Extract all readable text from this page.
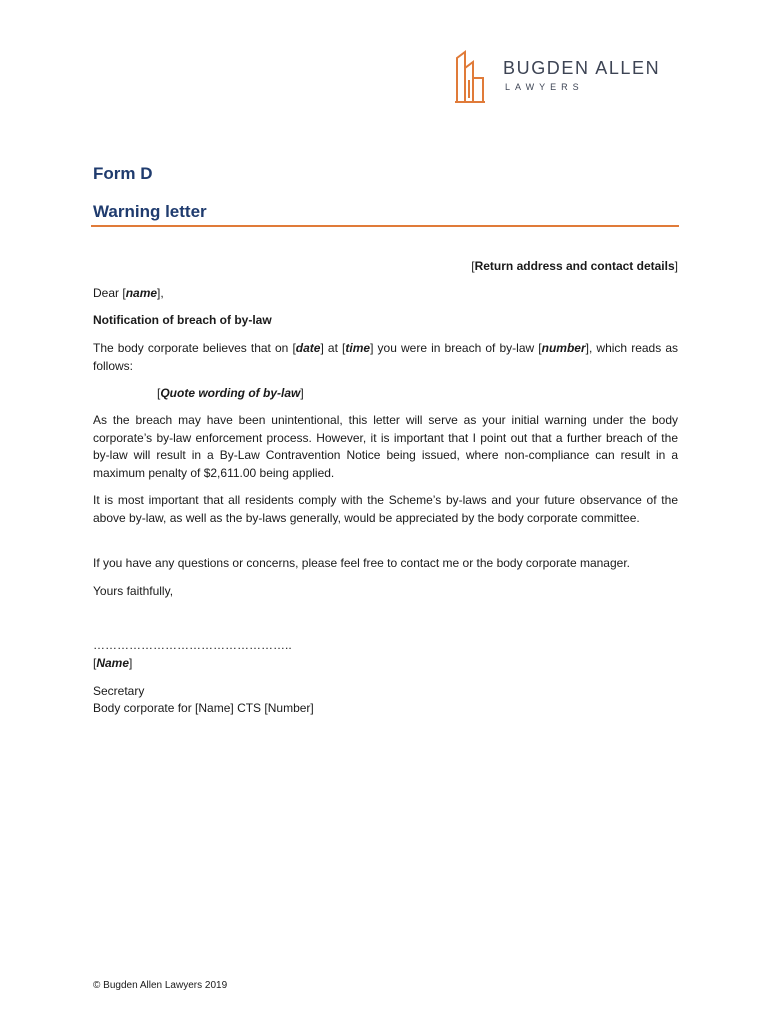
BUGDEN ALLEN
LAWYERS
Form D
Warning letter
[Return address and contact details]
Dear [name],
Notification of breach of by-law
The body corporate believes that on [date] at [time] you were in breach of by-law [number], which reads as follows:
[Quote wording of by-law]
As the breach may have been unintentional, this letter will serve as your initial warning under the body corporate’s by-law enforcement process. However, it is important that I point out that a further breach of the by-law will result in a By-Law Contravention Notice being issued, where non-compliance can result in a maximum penalty of $2,611.00 being applied.
It is most important that all residents comply with the Scheme’s by-laws and your future observance of the above by-law, as well as the by-laws generally, would be appreciated by the body corporate committee.
If you have any questions or concerns, please feel free to contact me or the body corporate manager.
Yours faithfully,
…………………………………………..
[Name]
Secretary
Body corporate for [Name] CTS [Number]
© Bugden Allen Lawyers 2019
